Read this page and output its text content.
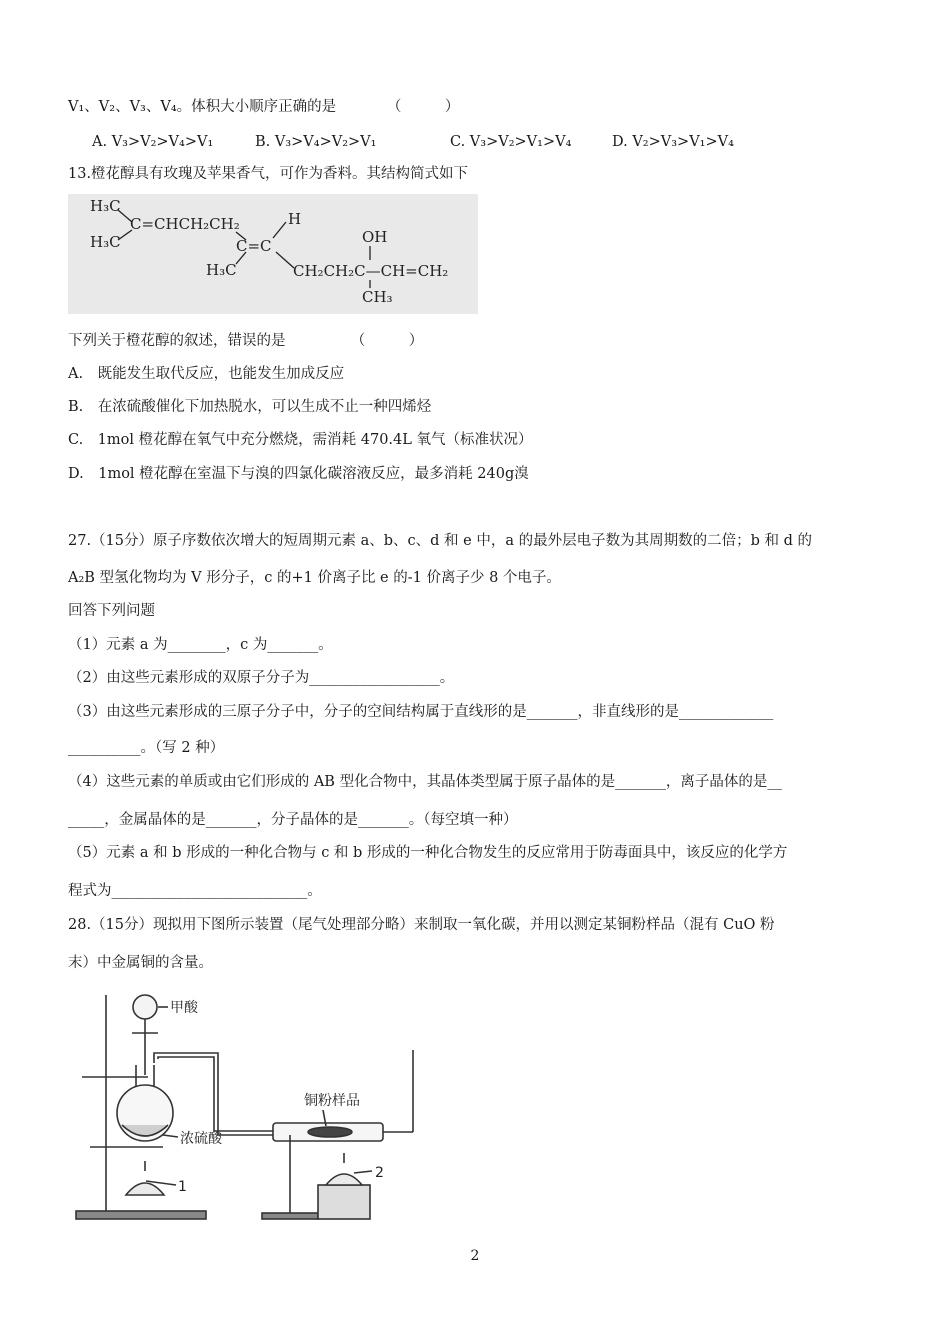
V₁、V₂、V₃、V₄。体积大小顺序正确的是　　　　（　　　）
A. V₃>V₂>V₄>V₁	B. V₃>V₄>V₂>V₁	C. V₃>V₂>V₁>V₄	D. V₂>V₃>V₁>V₄
13.橙花醇具有玫瑰及苹果香气，可作为香料。其结构简式如下
H₃C
H₃C
C=CHCH₂CH₂
C=C
H
H₃C	CH₂CH₂C—CH=CH₂
OH
CH₃
下列关于橙花醇的叙述，错误的是　　　　　（　　　）
A.　既能发生取代反应，也能发生加成反应
B.　在浓硫酸催化下加热脱水，可以生成不止一种四烯烃
C.　1mol 橙花醇在氧气中充分燃烧，需消耗 470.4L 氧气（标准状况）
D.　1mol 橙花醇在室温下与溴的四氯化碳溶液反应，最多消耗 240g溴
27.（15分）原子序数依次增大的短周期元素 a、b、c、d 和 e 中，a 的最外层电子数为其周期数的二倍；b 和 d 的
A₂B 型氢化物均为 V 形分子，c 的+1 价离子比 e 的-1 价离子少 8 个电子。
回答下列问题
（1）元素 a 为________，c 为_______。
（2）由这些元素形成的双原子分子为__________________。
（3）由这些元素形成的三原子分子中，分子的空间结构属于直线形的是_______，非直线形的是_____________
__________。（写 2 种）
（4）这些元素的单质或由它们形成的 AB 型化合物中，其晶体类型属于原子晶体的是_______，离子晶体的是__
_____，金属晶体的是_______，分子晶体的是_______。（每空填一种）
（5）元素 a 和 b 形成的一种化合物与 c 和 b 形成的一种化合物发生的反应常用于防毒面具中，该反应的化学方
程式为___________________________。
28.（15分）现拟用下图所示装置（尾气处理部分略）来制取一氧化碳，并用以测定某铜粉样品（混有 CuO 粉
末）中金属铜的含量。
甲酸
浓硫酸
铜粉样品
1
2
2
